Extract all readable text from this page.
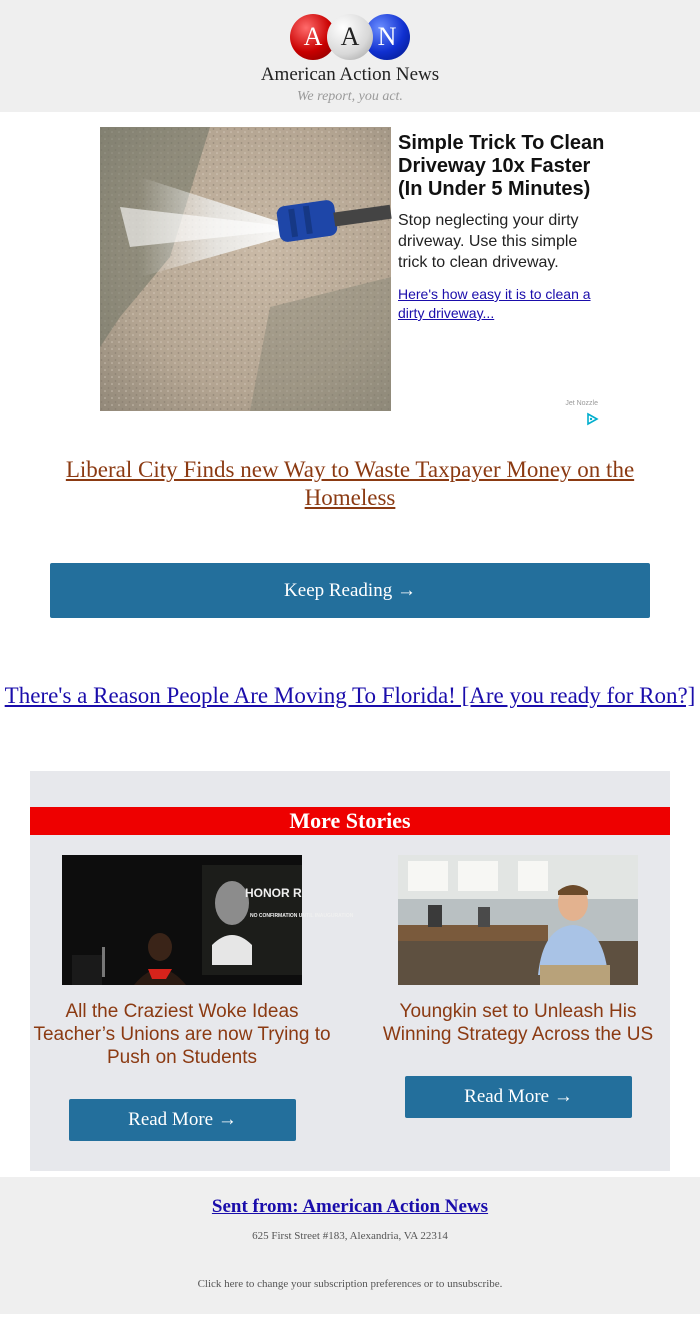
A A N
American Action News
We report, you act.
Simple Trick To Clean Driveway 10x Faster (In Under 5 Minutes)
Stop neglecting your dirty driveway. Use this simple trick to clean driveway.
Here's how easy it is to clean a dirty driveway...
Jet Nozzle
Liberal City Finds new Way to Waste Taxpayer Money on the Homeless
Keep Reading →
There's a Reason People Are Moving To Florida! [Are you ready for Ron?]
More Stories
HONOR R
NO CONFIRMATION UNTIL INAUGURATION
All the Craziest Woke Ideas Teacher’s Unions are now Trying to Push on Students
Read More →
Youngkin set to Unleash His Winning Strategy Across the US
Read More →
Sent from: American Action News
625 First Street #183, Alexandria, VA 22314
Click here to change your subscription preferences or to unsubscribe.
